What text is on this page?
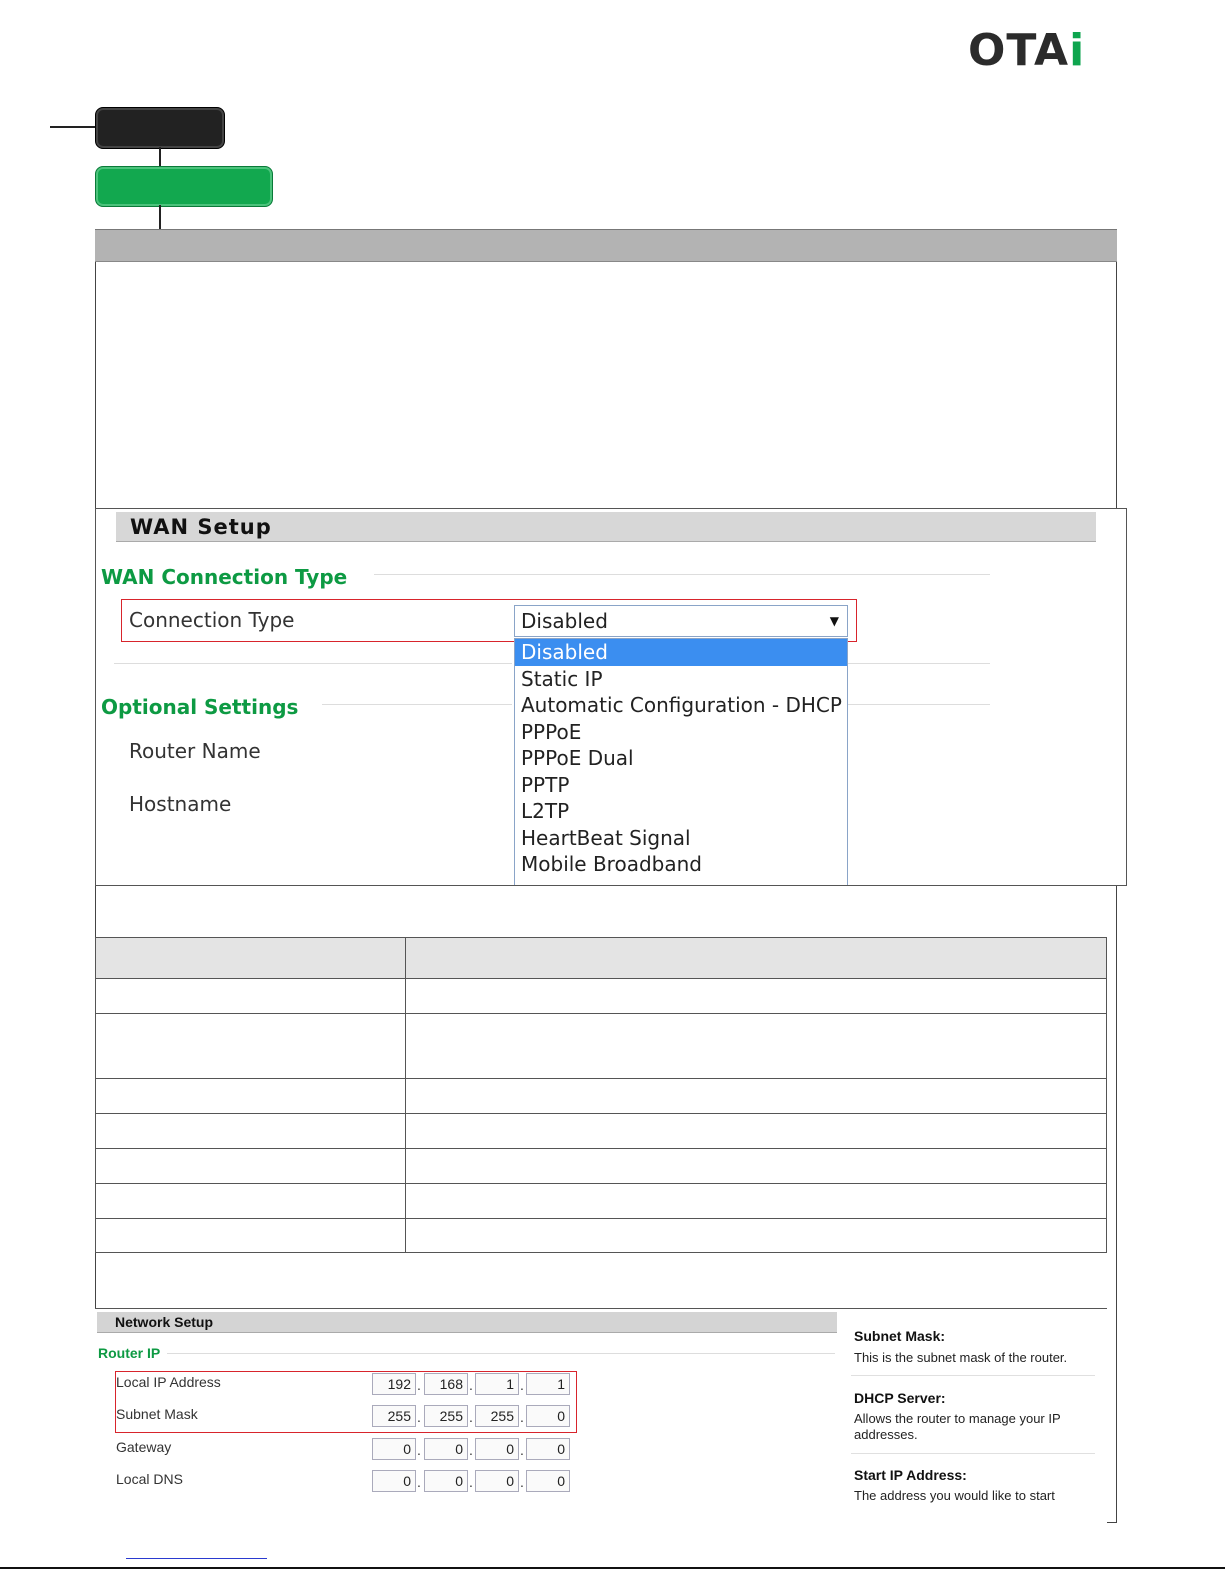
OTAi
WAN Setup
WAN Connection Type
Connection Type	Disabled	▼
Disabled
Static IP
Automatic Configuration - DHCP
PPPoE
PPPoE Dual
PPTP
L2TP
HeartBeat Signal
Mobile Broadband
Optional Settings
Router Name
Hostname

Network Setup
Router IP
Local IP Address	192 .	168 .	1 .	1
Subnet Mask	255 .	255 .	255 .	0
Gateway	0 .	0 .	0 .	0
Local DNS	0 .	0 .	0 .	0
Subnet Mask:
This is the subnet mask of the router.
DHCP Server:
Allows the router to manage your IP addresses.
Start IP Address:
The address you would like to start
